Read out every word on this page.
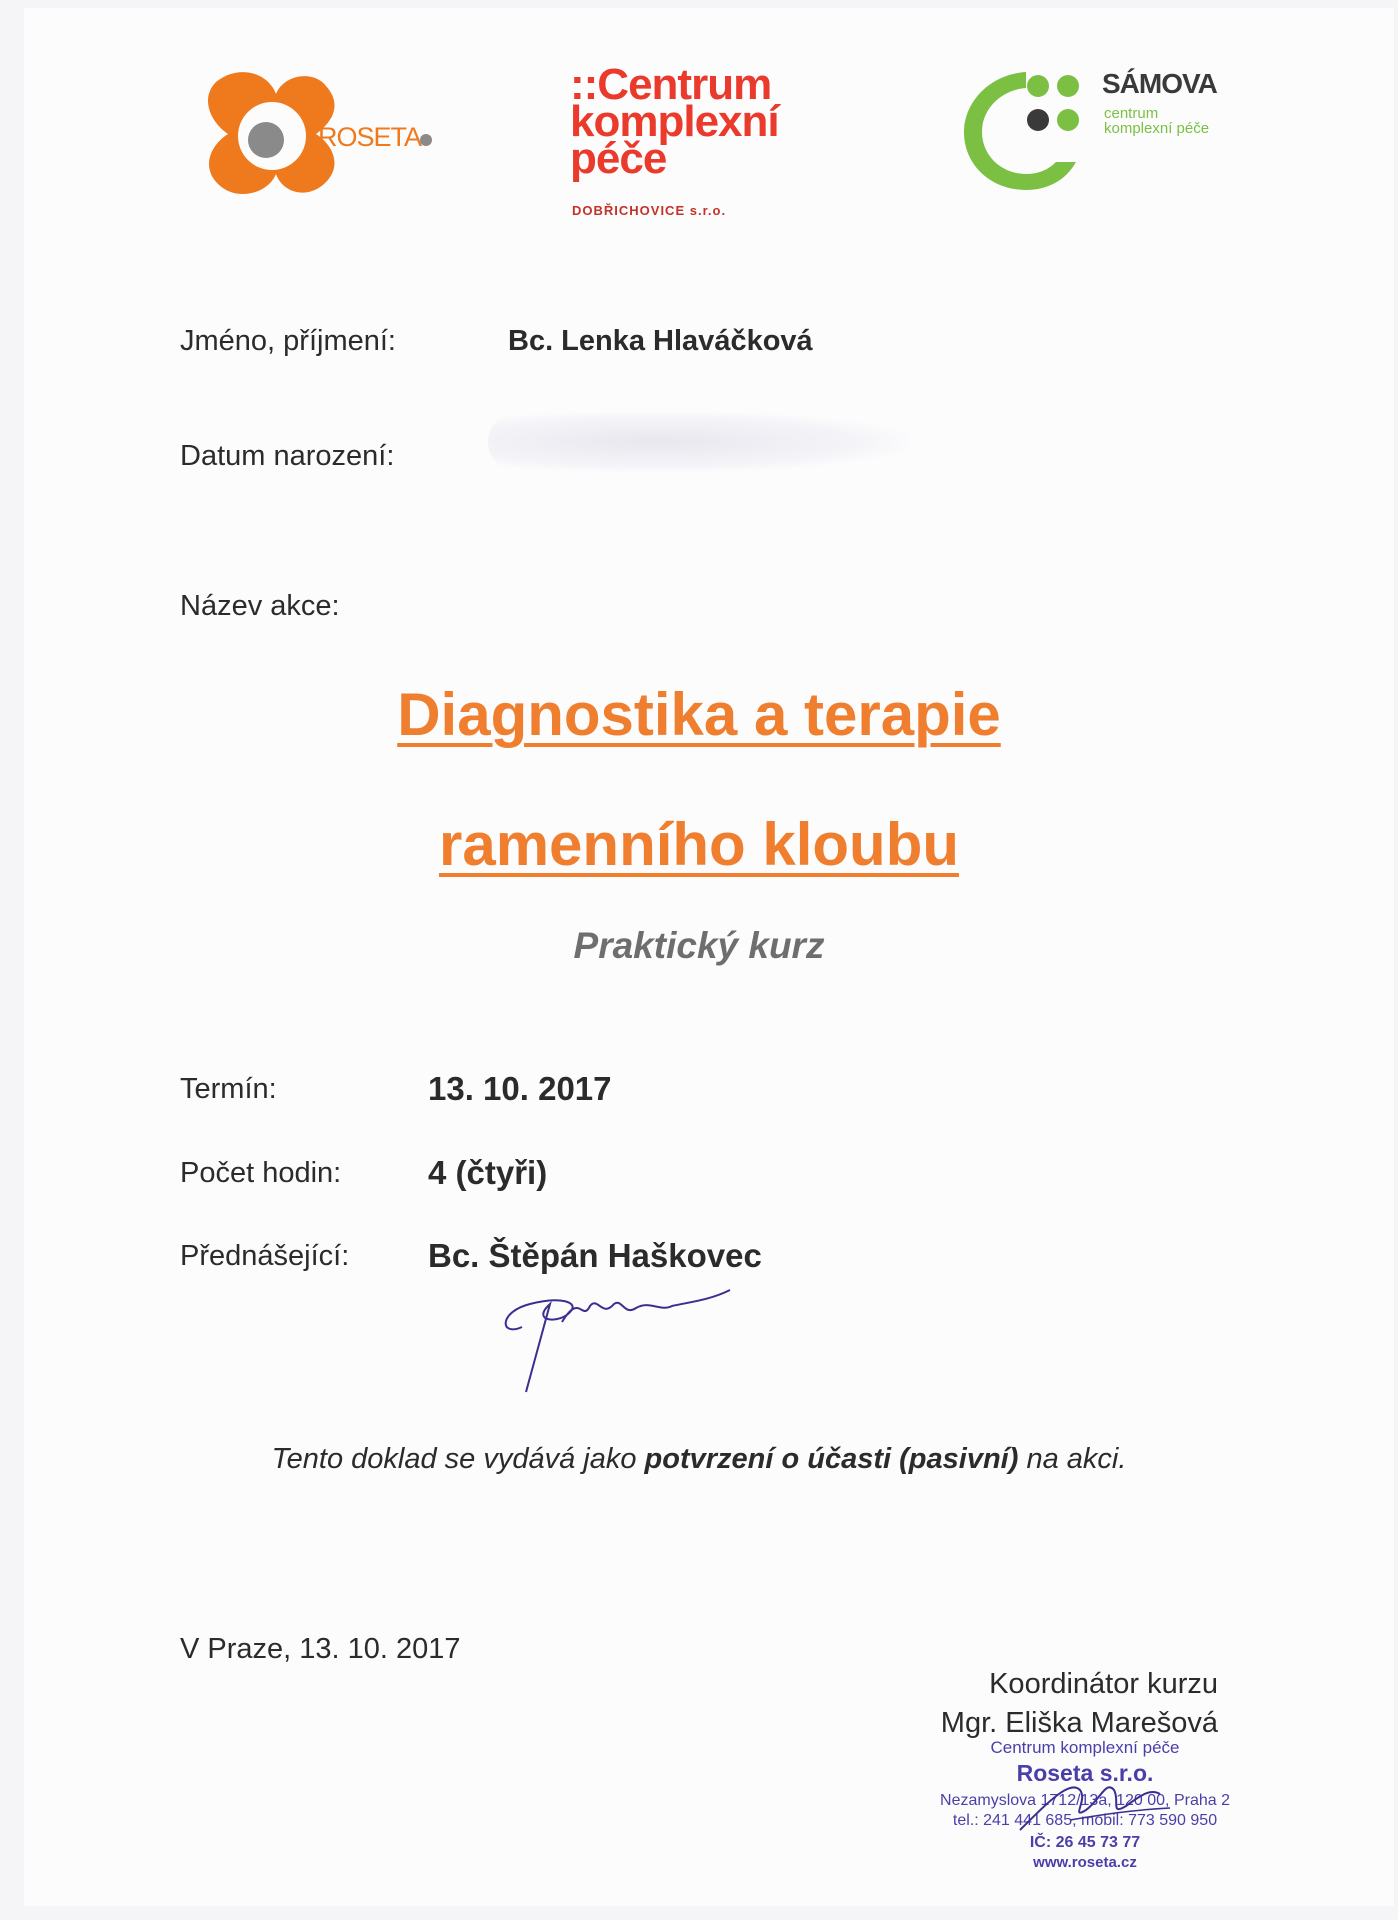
ROSETA
::Centrum
komplexní
péče
DOBŘICHOVICE s.r.o.
SÁMOVA
centrum
komplexní péče
Jméno, příjmení:	Bc. Lenka Hlaváčková
Datum narození:
Název akce:
Diagnostika a terapie
ramenního kloubu
Praktický kurz
Termín:	13. 10. 2017
Počet hodin:	4 (čtyři)
Přednášející: Bc. Štěpán Haškovec
Tento doklad se vydává jako potvrzení o účasti (pasivní) na akci.
V Praze, 13. 10. 2017
Koordinátor kurzu
Mgr. Eliška Marešová
Centrum komplexní péče
Roseta s.r.o.
Nezamyslova 1712/13a, 120 00, Praha 2
tel.: 241 441 685, mobil: 773 590 950
IČ: 26 45 73 77
www.roseta.cz
